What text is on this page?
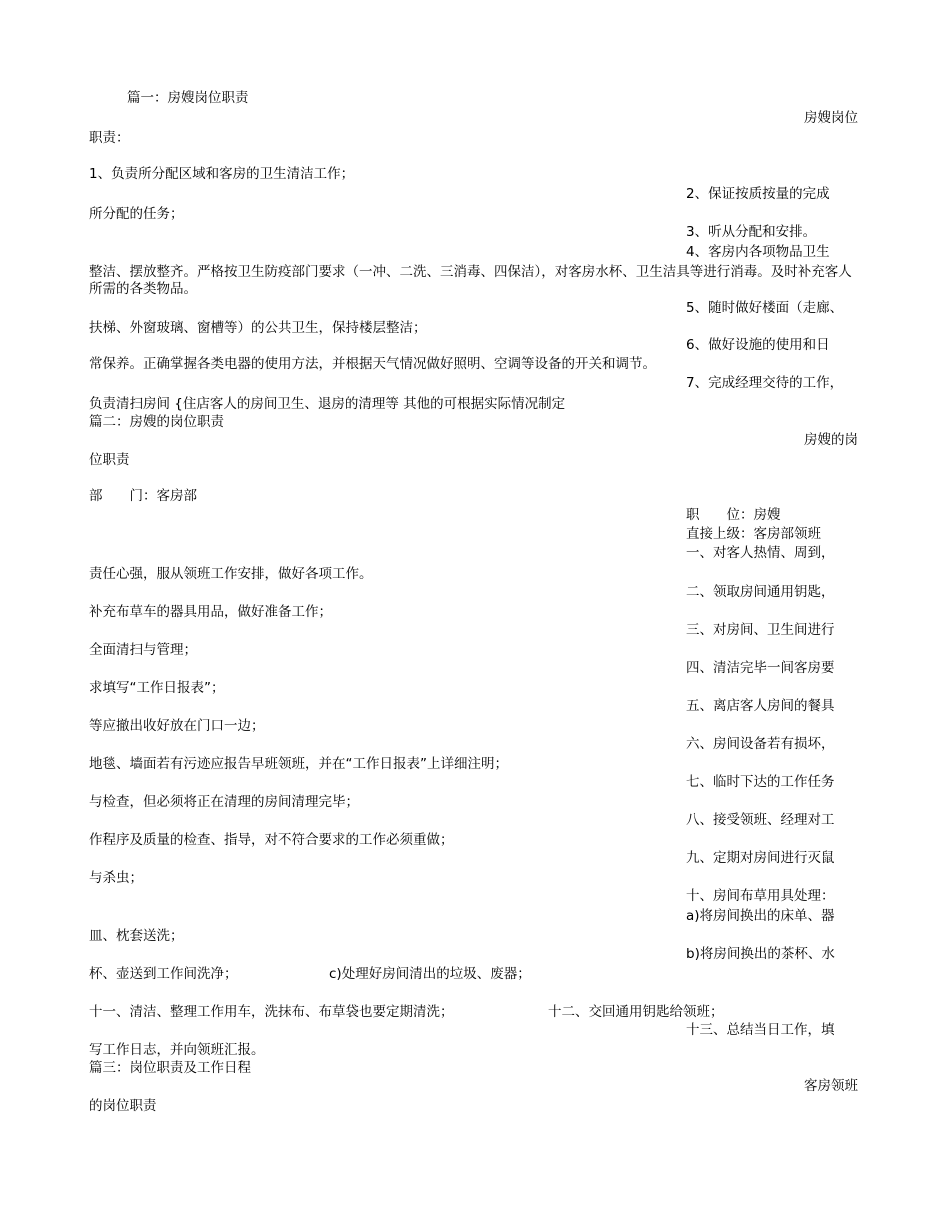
篇一：房嫂岗位职责
房嫂岗位
职责：
1、负责所分配区域和客房的卫生清洁工作；
2、保证按质按量的完成
所分配的任务；
3、听从分配和安排。
4、客房内各项物品卫生
整洁、摆放整齐。严格按卫生防疫部门要求（一冲、二洗、三消毒、四保洁），对客房水杯、卫生洁具等进行消毒。及时补充客人所需的各类物品。
5、随时做好楼面（走廊、
扶梯、外窗玻璃、窗槽等）的公共卫生，保持楼层整洁；
6、做好设施的使用和日
常保养。正确掌握各类电器的使用方法，并根据天气情况做好照明、空调等设备的开关和调节。
7、完成经理交待的工作，
负责清扫房间 {住店客人的房间卫生、退房的清理等 其他的可根据实际情况制定
篇二：房嫂的岗位职责
房嫂的岗
位职责
部　　门：客房部
职　　位：房嫂
直接上级：客房部领班
一、对客人热情、周到，
责任心强，服从领班工作安排，做好各项工作。
二、领取房间通用钥匙，
补充布草车的器具用品，做好准备工作；
三、对房间、卫生间进行
全面清扫与管理；
四、清洁完毕一间客房要
求填写“工作日报表”；
五、离店客人房间的餐具
等应撤出收好放在门口一边；
六、房间设备若有损坏，
地毯、墙面若有污迹应报告早班领班，并在“工作日报表”上详细注明；
七、临时下达的工作任务
与检查，但必须将正在清理的房间清理完毕；
八、接受领班、经理对工
作程序及质量的检查、指导，对不符合要求的工作必须重做；
九、定期对房间进行灭鼠
与杀虫；
十、房间布草用具处理：
a)将房间换出的床单、器
皿、枕套送洗；
b)将房间换出的茶杯、水
杯、壶送到工作间洗净；	c)处理好房间清出的垃圾、废器；
十一、清洁、整理工作用车，洗抹布、布草袋也要定期清洗；	十二、交回通用钥匙给领班；
十三、总结当日工作，填
写工作日志，并向领班汇报。
篇三：岗位职责及工作日程
客房领班
的岗位职责
